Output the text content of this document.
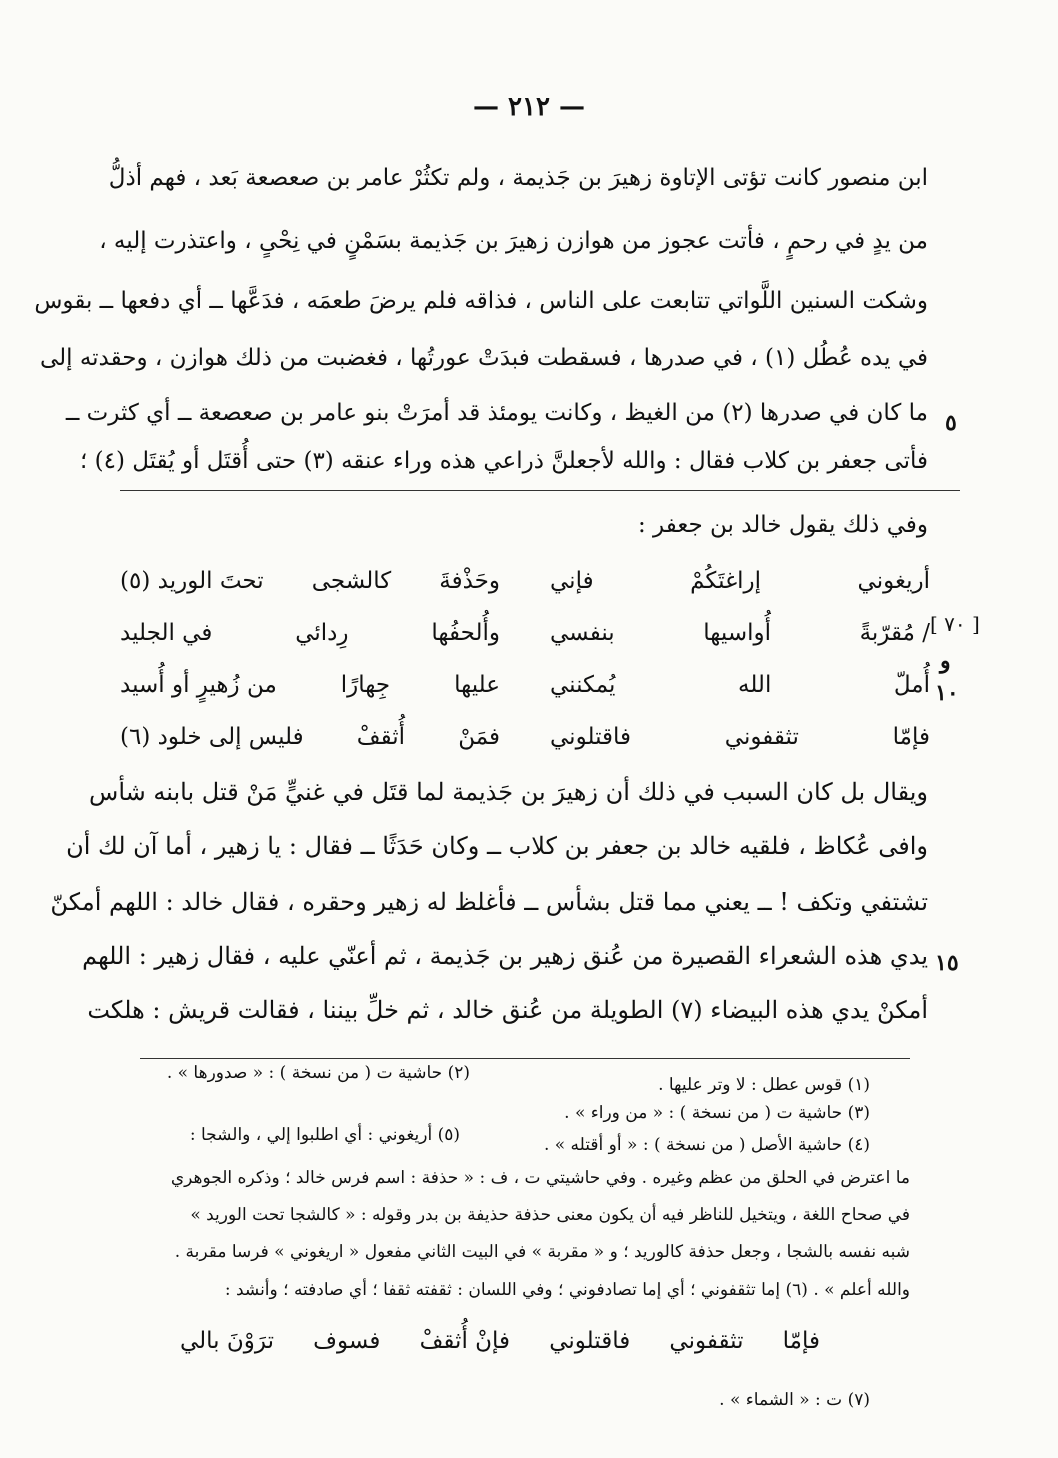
— ٢١٢ —
ابن منصور كانت تؤتى الإتاوة زهيرَ بن جَذيمة ، ولم تكثُرْ عامر بن صعصعة بَعد ، فهم أذلُّ
من يدٍ في رحمٍ ، فأتت عجوز من هوازن زهيرَ بن جَذيمة بسَمْنٍ في نِحْىٍ ، واعتذرت إليه ،
وشكت السنين اللَّواتي تتابعت على الناس ، فذاقه فلم يرضَ طعمَه ، فدَعَّها ــ أي دفعها ــ بقوس
في يده عُطُل (١) ، في صدرها ، فسقطت فبدَتْ عورتُها ، فغضبت من ذلك هوازن ، وحقدته إلى
ما كان في صدرها (٢) من الغيظ ، وكانت يومئذ قد أمرَتْ بنو عامر بن صعصعة ــ أي كثرت ــ ٥
فأتى جعفر بن كلاب فقال : والله لأجعلنَّ ذراعي هذه وراء عنقه (٣) حتى أُقتَل أو يُقتَل (٤) ؛
وفي ذلك يقول خالد بن جعفر :
أريغوني
إراغتَكُمْ
فإني
وحَذْفةَ
كالشجى
تحتَ الوريد (٥)
[ ٧٠ ]
/ مُقرّبةً
أُواسيها
بنفسي
وأُلحفُها
رِدائي
في الجليد
و
أُملّ
الله
يُمكنني
عليها
جِهارًا
من زُهيرٍ أو أُسيد	١٠
فإمّا
تثقفوني
فاقتلوني
فمَنْ
أُثقفْ
فليس إلى خلود (٦)
ويقال بل كان السبب في ذلك أن زهيرَ بن جَذيمة لما قتَل في غنيٍّ مَنْ قتل بابنه شأس
وافى عُكاظ ، فلقيه خالد بن جعفر بن كلاب ــ وكان حَدَثًا ــ فقال : يا زهير ، أما آن لك أن
تشتفي وتكف ! ــ يعني مما قتل بشأس ــ فأغلظ له زهير وحقره ، فقال خالد : اللهم أمكنّ
يدي هذه الشعراء القصيرة من عُنق زهير بن جَذيمة ، ثم أعنّي عليه ، فقال زهير : اللهم ١٥
أمكنْ يدي هذه البيضاء (٧) الطويلة من عُنق خالد ، ثم خلِّ بيننا ، فقالت قريش : هلكت
(٢) حاشية ت ( من نسخة ) : « صدورها » .
(١) قوس عطل : لا وتر عليها .
(٣) حاشية ت ( من نسخة ) : « من وراء » .
(٤) حاشية الأصل ( من نسخة ) : « أو أقتله » .
(٥) أريغوني : أي اطلبوا إلي ، والشجا :
ما اعترض في الحلق من عظم وغيره . وفي حاشيتي ت ، ف : « حذفة : اسم فرس خالد ؛ وذكره الجوهري
في صحاح اللغة ، ويتخيل للناظر فيه أن يكون معنى حذفة حذيفة بن بدر وقوله : « كالشجا تحت الوريد »
شبه نفسه بالشجا ، وجعل حذفة كالوريد ؛ و « مقربة » في البيت الثاني مفعول « اريغوني » فرسا مقربة .
والله أعلم » . (٦) إما تثقفوني ؛ أي إما تصادفوني ؛ وفي اللسان : ثقفته ثقفا ؛ أي صادفته ؛ وأنشد :
فإمّا
تثقفوني
فاقتلوني
فإنْ أُثقفْ
فسوف
ترَوْنَ بالي
(٧) ت : « الشماء » .
